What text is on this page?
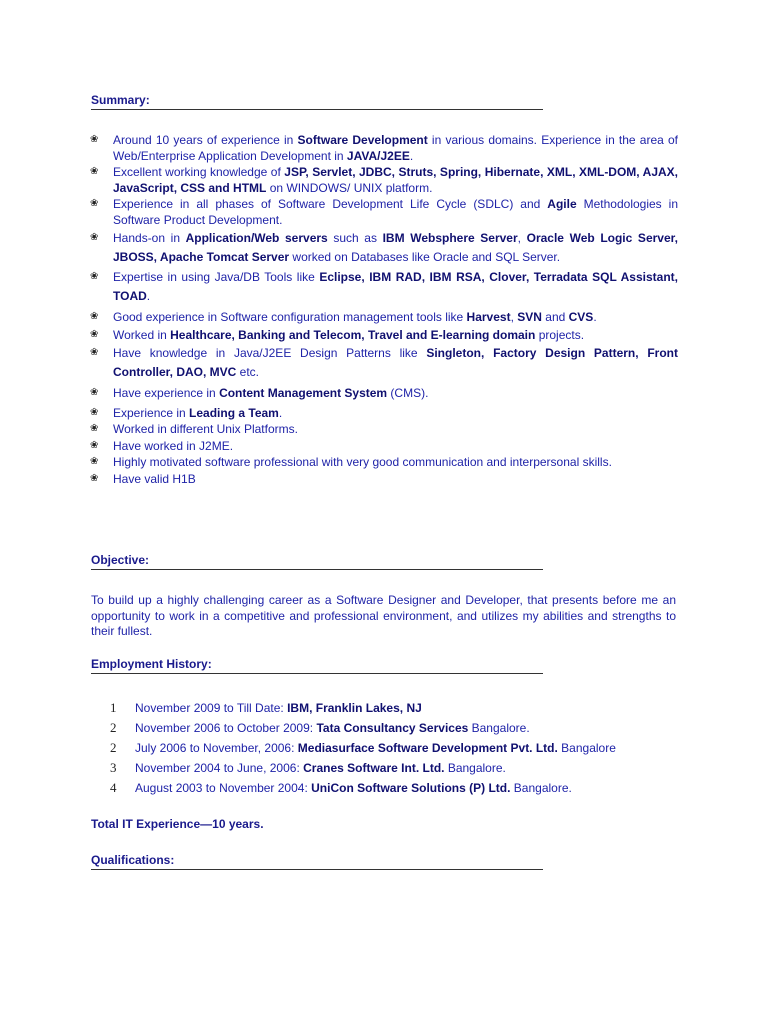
Summary:
❀ Around 10 years of experience in Software Development in various domains. Experience in the area of Web/Enterprise Application Development in JAVA/J2EE.
❀ Excellent working knowledge of JSP, Servlet, JDBC, Struts, Spring, Hibernate, XML, XML-DOM, AJAX, JavaScript, CSS and HTML on WINDOWS/ UNIX platform.
❀ Experience in all phases of Software Development Life Cycle (SDLC) and Agile Methodologies in Software Product Development.
❀ Hands-on in Application/Web servers such as IBM Websphere Server, Oracle Web Logic Server, JBOSS, Apache Tomcat Server worked on Databases like Oracle and SQL Server.
❀ Expertise in using Java/DB Tools like Eclipse, IBM RAD, IBM RSA, Clover, Terradata SQL Assistant, TOAD.
❀ Good experience in Software configuration management tools like Harvest, SVN and CVS.
❀ Worked in Healthcare, Banking and Telecom, Travel and E-learning domain projects.
❀ Have knowledge in Java/J2EE Design Patterns like Singleton, Factory Design Pattern, Front Controller, DAO, MVC etc.
❀ Have experience in Content Management System (CMS).
❀ Experience in Leading a Team.
❀ Worked in different Unix Platforms.
❀ Have worked in J2ME.
❀ Highly motivated software professional with very good communication and interpersonal skills.
❀ Have valid H1B
Objective:
To build up a highly challenging career as a Software Designer and Developer, that presents before me an opportunity to work in a competitive and professional environment, and utilizes my abilities and strengths to their fullest.
Employment History:
1 November 2009 to Till Date: IBM, Franklin Lakes, NJ
2 November 2006 to October 2009: Tata Consultancy Services Bangalore.
2 July 2006 to November, 2006: Mediasurface Software Development Pvt. Ltd. Bangalore
3 November 2004 to June, 2006: Cranes Software Int. Ltd. Bangalore.
4 August 2003 to November 2004: UniCon Software Solutions (P) Ltd. Bangalore.
Total IT Experience—10 years.
Qualifications:
